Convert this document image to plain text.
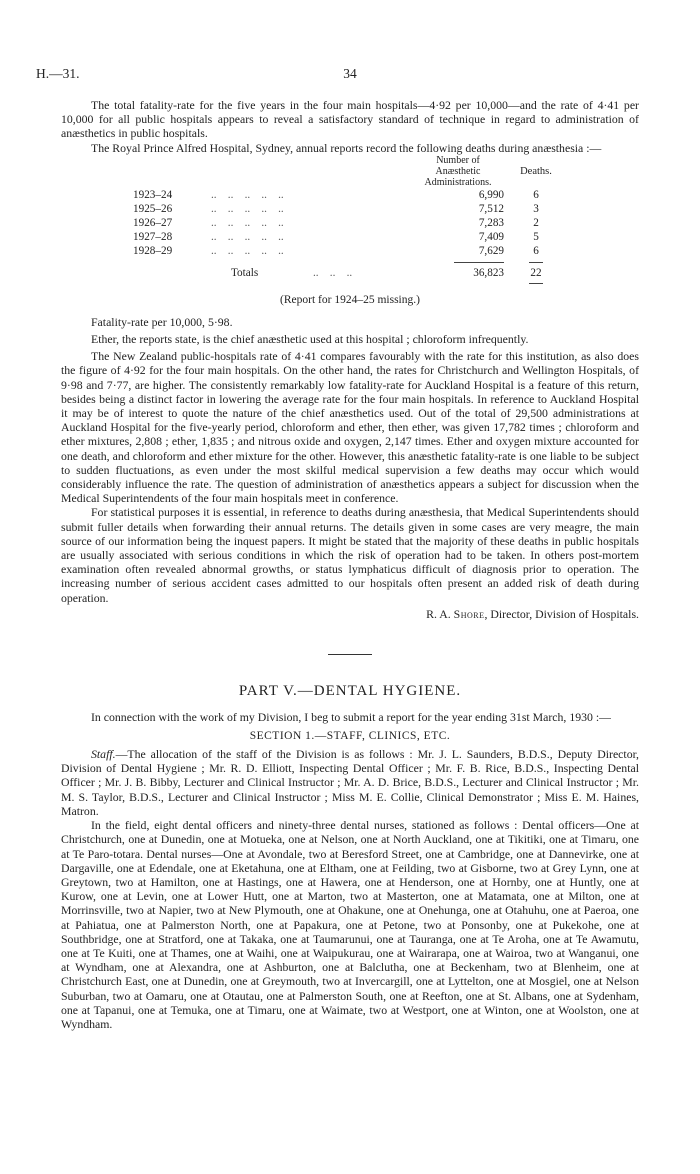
H.—31.	34

The total fatality-rate for the five years in the four main hospitals—4·92 per 10,000—and the rate of 4·41 per 10,000 for all public hospitals appears to reveal a satisfactory standard of technique in regard to administration of anæsthetics in public hospitals.

The Royal Prince Alfred Hospital, Sydney, annual reports record the following deaths during anæsthesia :—

Number of Anæsthetic Administrations.
Deaths.
1923–24	..    ..    ..    ..    ..	6,990	6
1925–26	..    ..    ..    ..    ..	7,512	3
1926–27	..    ..    ..    ..    ..	7,283	2
1927–28	..    ..    ..    ..    ..	7,409	5
1928–29	..    ..    ..    ..    ..	7,629	6
Totals	..    ..    ..	36,823	22
(Report for 1924–25 missing.)

Fatality-rate per 10,000, 5·98.

Ether, the reports state, is the chief anæsthetic used at this hospital ; chloroform infrequently.

The New Zealand public-hospitals rate of 4·41 compares favourably with the rate for this institution, as also does the figure of 4·92 for the four main hospitals. On the other hand, the rates for Christchurch and Wellington Hospitals, of 9·98 and 7·77, are higher. The consistently remarkably low fatality-rate for Auckland Hospital is a feature of this return, besides being a distinct factor in lowering the average rate for the four main hospitals. In reference to Auckland Hospital it may be of interest to quote the nature of the chief anæsthetics used. Out of the total of 29,500 administrations at Auckland Hospital for the five-yearly period, chloroform and ether, then ether, was given 17,782 times ; chloroform and ether mixtures, 2,808 ; ether, 1,835 ; and nitrous oxide and oxygen, 2,147 times. Ether and oxygen mixture accounted for one death, and chloroform and ether mixture for the other. However, this anæsthetic fatality-rate is one liable to be subject to sudden fluctuations, as even under the most skilful medical supervision a few deaths may occur which would considerably influence the rate. The question of administration of anæsthetics appears a subject for discussion when the Medical Superintendents of the four main hospitals meet in conference.

For statistical purposes it is essential, in reference to deaths during anæsthesia, that Medical Superintendents should submit fuller details when forwarding their annual returns. The details given in some cases are very meagre, the main source of our information being the inquest papers. It might be stated that the majority of these deaths in public hospitals are usually associated with serious conditions in which the risk of operation had to be taken. In others post-mortem examination often revealed abnormal growths, or status lymphaticus difficult of diagnosis prior to operation. The increasing number of serious accident cases admitted to our hospitals often present an added risk of death during operation.

R. A. Shore, Director, Division of Hospitals.
PART V.—DENTAL HYGIENE.

In connection with the work of my Division, I beg to submit a report for the year ending 31st March, 1930 :—

SECTION 1.—STAFF, CLINICS, ETC.

Staff.—The allocation of the staff of the Division is as follows : Mr. J. L. Saunders, B.D.S., Deputy Director, Division of Dental Hygiene ; Mr. R. D. Elliott, Inspecting Dental Officer ; Mr. F. B. Rice, B.D.S., Inspecting Dental Officer ; Mr. J. B. Bibby, Lecturer and Clinical Instructor ; Mr. A. D. Brice, B.D.S., Lecturer and Clinical Instructor ; Mr. M. S. Taylor, B.D.S., Lecturer and Clinical Instructor ; Miss M. E. Collie, Clinical Demonstrator ; Miss E. M. Haines, Matron.

In the field, eight dental officers and ninety-three dental nurses, stationed as follows : Dental officers—One at Christchurch, one at Dunedin, one at Motueka, one at Nelson, one at North Auckland, one at Tikitiki, one at Timaru, one at Te Paro-totara. Dental nurses—One at Avondale, two at Beresford Street, one at Cambridge, one at Dannevirke, one at Dargaville, one at Edendale, one at Eketahuna, one at Eltham, one at Feilding, two at Gisborne, two at Grey Lynn, one at Greytown, two at Hamilton, one at Hastings, one at Hawera, one at Henderson, one at Hornby, one at Huntly, one at Kurow, one at Levin, one at Lower Hutt, one at Marton, two at Masterton, one at Matamata, one at Milton, one at Morrinsville, two at Napier, two at New Plymouth, one at Ohakune, one at Onehunga, one at Otahuhu, one at Paeroa, one at Pahiatua, one at Palmerston North, one at Papakura, one at Petone, two at Ponsonby, one at Pukekohe, one at Southbridge, one at Stratford, one at Takaka, one at Taumarunui, one at Tauranga, one at Te Aroha, one at Te Awamutu, one at Te Kuiti, one at Thames, one at Waihi, one at Waipukurau, one at Wairarapa, one at Wairoa, two at Wanganui, one at Wyndham, one at Alexandra, one at Ashburton, one at Balclutha, one at Beckenham, two at Blenheim, one at Christchurch East, one at Dunedin, one at Greymouth, two at Invercargill, one at Lyttelton, one at Mosgiel, one at Nelson Suburban, two at Oamaru, one at Otautau, one at Palmerston South, one at Reefton, one at St. Albans, one at Sydenham, one at Tapanui, one at Temuka, one at Timaru, one at Waimate, two at Westport, one at Winton, one at Woolston, one at Wyndham.
